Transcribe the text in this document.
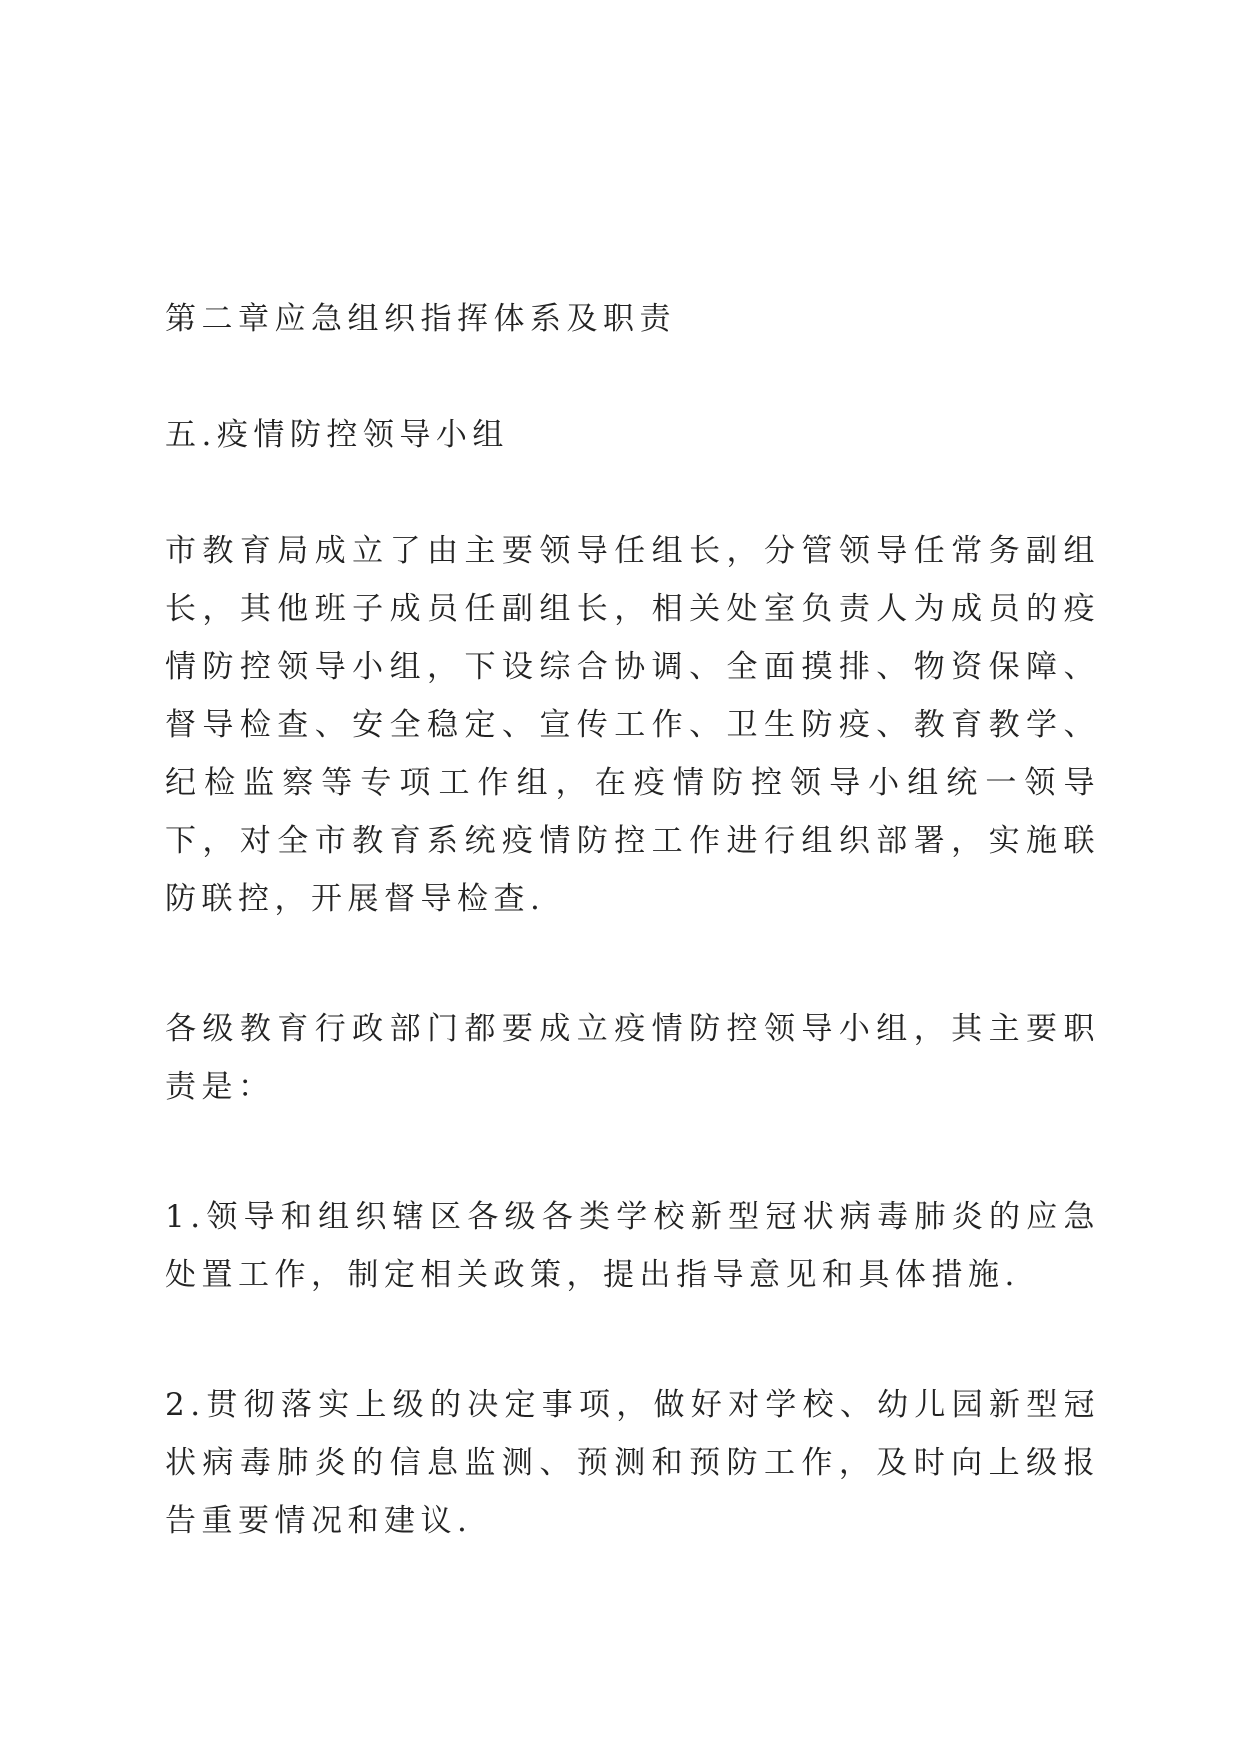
第二章应急组织指挥体系及职责

五.疫情防控领导小组

市教育局成立了由主要领导任组长，分管领导任常务副组长，其他班子成员任副组长，相关处室负责人为成员的疫情防控领导小组，下设综合协调、全面摸排、物资保障、督导检查、安全稳定、宣传工作、卫生防疫、教育教学、纪检监察等专项工作组，在疫情防控领导小组统一领导下，对全市教育系统疫情防控工作进行组织部署，实施联防联控，开展督导检查.

各级教育行政部门都要成立疫情防控领导小组，其主要职责是：

1.领导和组织辖区各级各类学校新型冠状病毒肺炎的应急处置工作，制定相关政策，提出指导意见和具体措施.

2.贯彻落实上级的决定事项，做好对学校、幼儿园新型冠状病毒肺炎的信息监测、预测和预防工作，及时向上级报告重要情况和建议.
